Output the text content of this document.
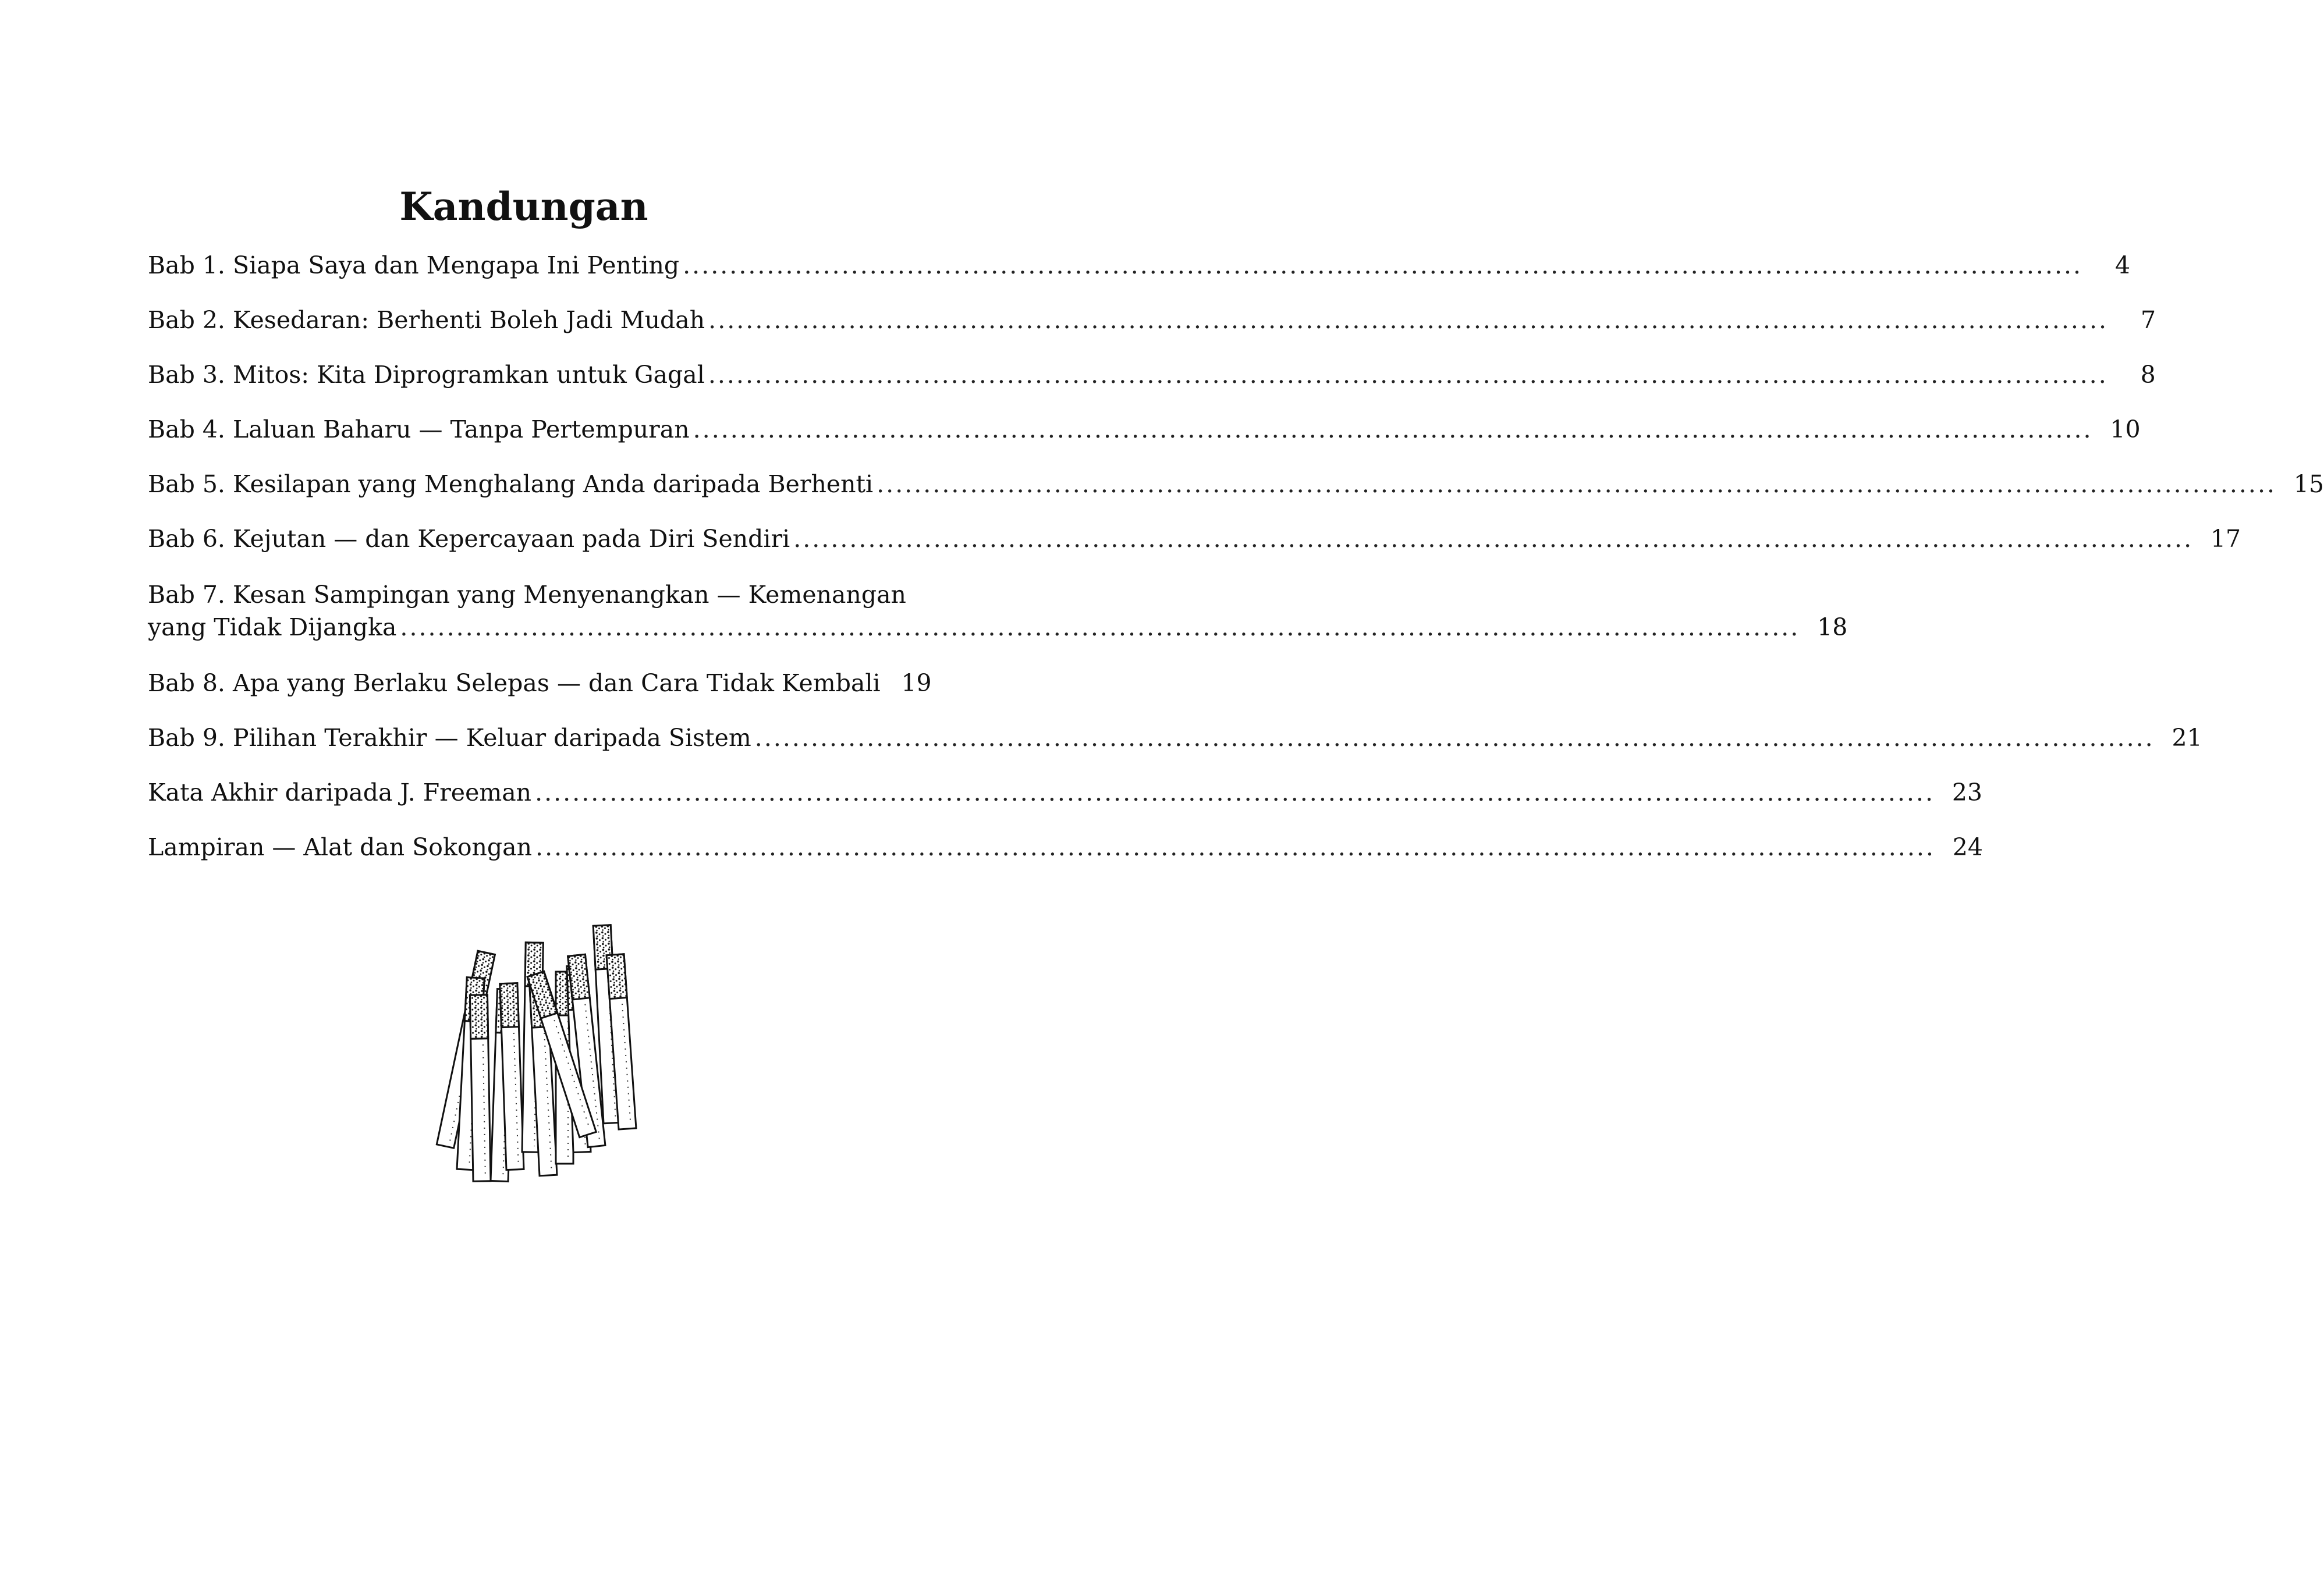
Kandungan
Bab 1. Siapa Saya dan Mengapa Ini Penting ......................................................................................................................................................	4
Bab 2. Kesedaran: Berhenti Boleh Jadi Mudah ......................................................................................................................................................	7
Bab 3. Mitos: Kita Diprogramkan untuk Gagal ......................................................................................................................................................	8
Bab 4. Laluan Baharu — Tanpa Pertempuran ...................................................................................................................................................... 10
Bab 5. Kesilapan yang Menghalang Anda daripada Berhenti ...................................................................................................................................................... 15
Bab 6. Kejutan — dan Kepercayaan pada Diri Sendiri ...................................................................................................................................................... 17
Bab 7. Kesan Sampingan yang Menyenangkan — Kemenangan
yang Tidak Dijangka ...................................................................................................................................................... 18
Bab 8. Apa yang Berlaku Selepas — dan Cara Tidak Kembali 19
Bab 9. Pilihan Terakhir — Keluar daripada Sistem ...................................................................................................................................................... 21
Kata Akhir daripada J. Freeman ...................................................................................................................................................... 23
Lampiran — Alat dan Sokongan ...................................................................................................................................................... 24
